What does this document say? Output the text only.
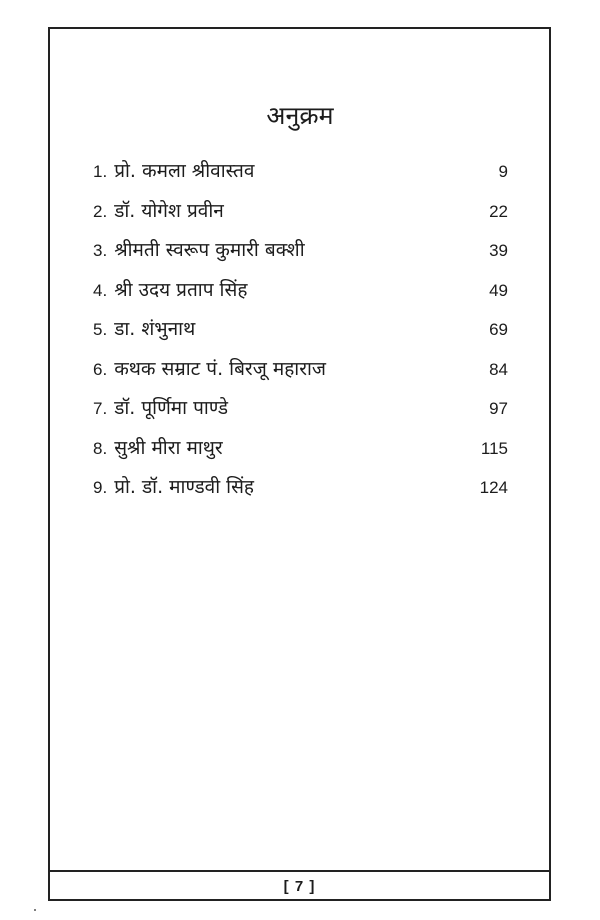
[ 7 ]
अनुक्रम
1. प्रो. कमला श्रीवास्तव	9
2. डॉ. योगेश प्रवीन	22
3. श्रीमती स्वरूप कुमारी बक्शी	39
4. श्री उदय प्रताप सिंह	49
5. डा. शंभुनाथ	69
6. कथक सम्राट पं. बिरजू महाराज	84
7. डॉ. पूर्णिमा पाण्डे	97
8. सुश्री मीरा माथुर	115
9. प्रो. डॉ. माण्डवी सिंह	124
